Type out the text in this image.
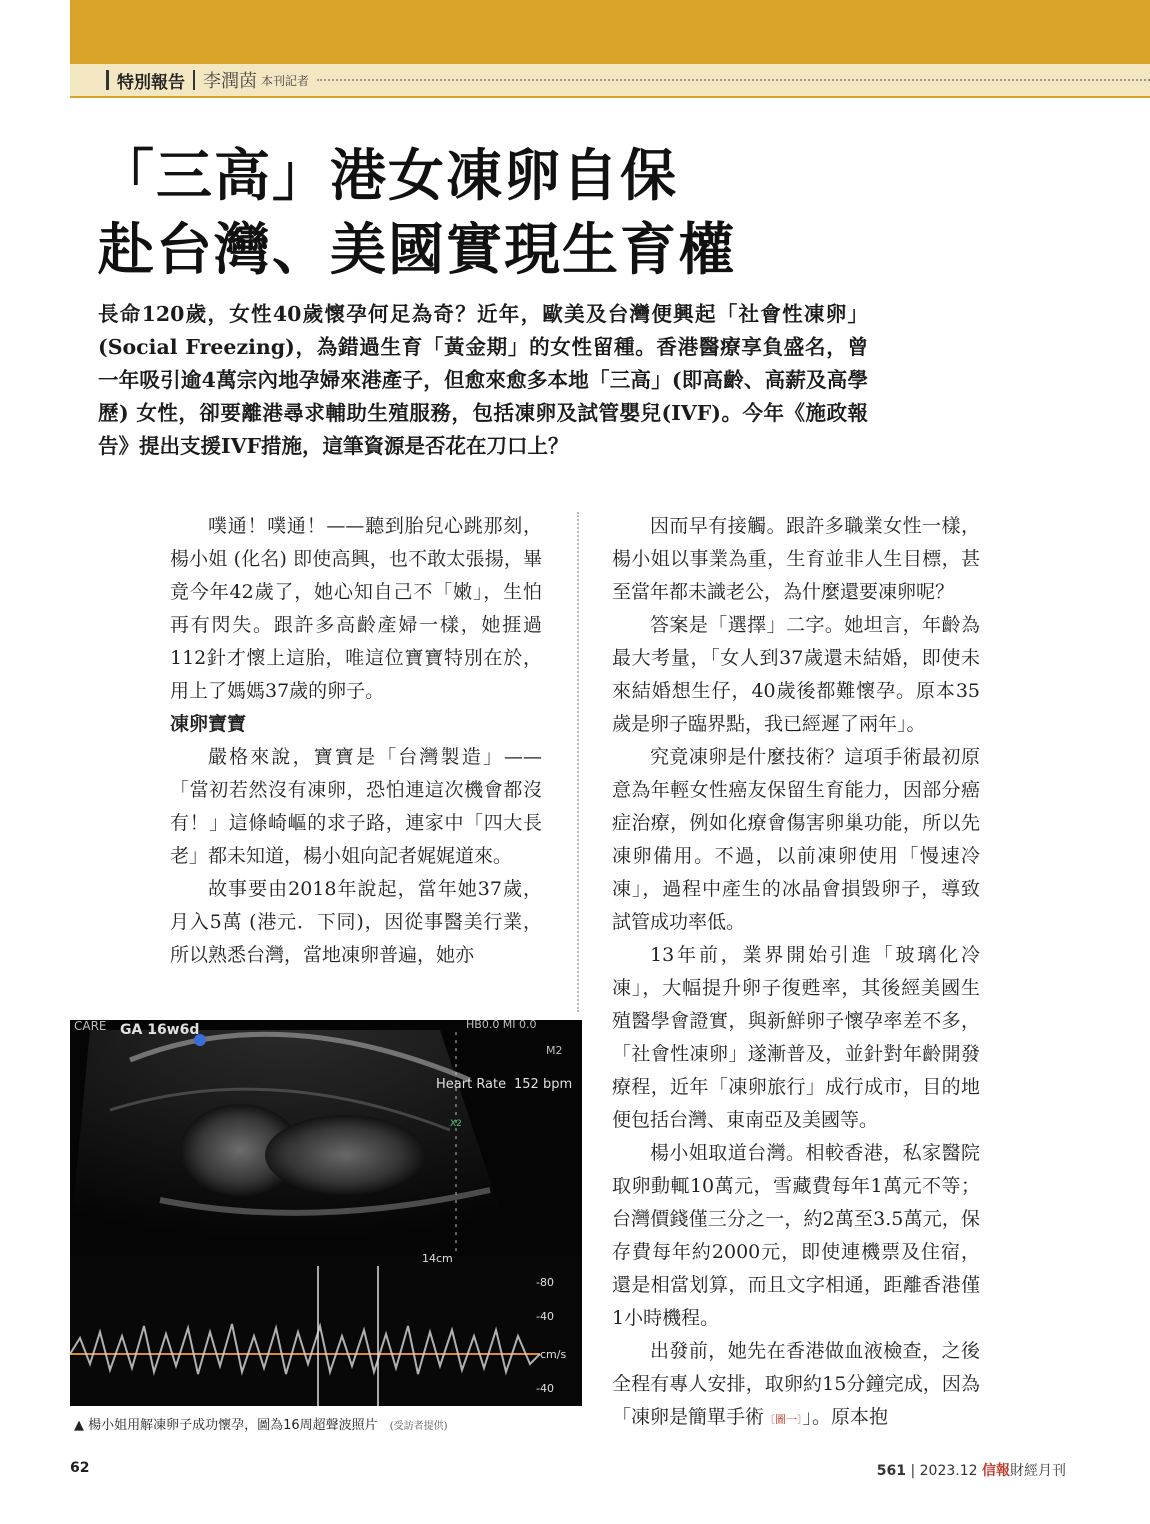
特別報告 李潤茵 本刊記者
「三高」港女凍卵自保
赴台灣、美國實現生育權

長命120歲，女性40歲懷孕何足為奇？近年，歐美及台灣便興起「社會性凍卵」(Social Freezing)，為錯過生育「黃金期」的女性留種。香港醫療享負盛名，曾一年吸引逾4萬宗內地孕婦來港產子，但愈來愈多本地「三高」(即高齡、高薪及高學歷) 女性，卻要離港尋求輔助生殖服務，包括凍卵及試管嬰兒(IVF)。今年《施政報告》提出支援IVF措施，這筆資源是否花在刀口上？

噗通！噗通！——聽到胎兒心跳那刻，楊小姐 (化名) 即使高興，也不敢太張揚，畢竟今年42歲了，她心知自己不「嫩」，生怕再有閃失。跟許多高齡產婦一樣，她捱過112針才懷上這胎，唯這位寶寶特別在於，用上了媽媽37歲的卵子。

凍卵寶寶

嚴格來說，寶寶是「台灣製造」——「當初若然沒有凍卵，恐怕連這次機會都沒有！」這條崎嶇的求子路，連家中「四大長老」都未知道，楊小姐向記者娓娓道來。

故事要由2018年說起，當年她37歲，月入5萬 (港元．下同)，因從事醫美行業，所以熟悉台灣，當地凍卵普遍，她亦

因而早有接觸。跟許多職業女性一樣，楊小姐以事業為重，生育並非人生目標，甚至當年都未識老公，為什麼還要凍卵呢？

答案是「選擇」二字。她坦言，年齡為最大考量，「女人到37歲還未結婚，即使未來結婚想生仔，40歲後都難懷孕。原本35歲是卵子臨界點，我已經遲了兩年」。

究竟凍卵是什麼技術？這項手術最初原意為年輕女性癌友保留生育能力，因部分癌症治療，例如化療會傷害卵巢功能，所以先凍卵備用。不過，以前凍卵使用「慢速冷凍」，過程中產生的冰晶會損毀卵子，導致試管成功率低。

13年前，業界開始引進「玻璃化冷凍」，大幅提升卵子復甦率，其後經美國生殖醫學會證實，與新鮮卵子懷孕率差不多，「社會性凍卵」遂漸普及，並針對年齡開發療程，近年「凍卵旅行」成行成市，目的地便包括台灣、東南亞及美國等。

楊小姐取道台灣。相較香港，私家醫院取卵動輒10萬元，雪藏費每年1萬元不等；台灣價錢僅三分之一，約2萬至3.5萬元，保存費每年約2000元，即使連機票及住宿，還是相當划算，而且文字相通，距離香港僅1小時機程。

出發前，她先在香港做血液檢查，之後全程有專人安排，取卵約15分鐘完成，因為「凍卵是簡單手術〔圖一〕」。原本抱

CARE GA 16w6d	HB0.0 MI 0.0
M2
Heart Rate 152 bpm
X2
14cm
-80
-40
cm/s
-40
▲ 楊小姐用解凍卵子成功懷孕，圖為16周超聲波照片 (受訪者提供)
62	561 | 2023.12 信報財經月刊
